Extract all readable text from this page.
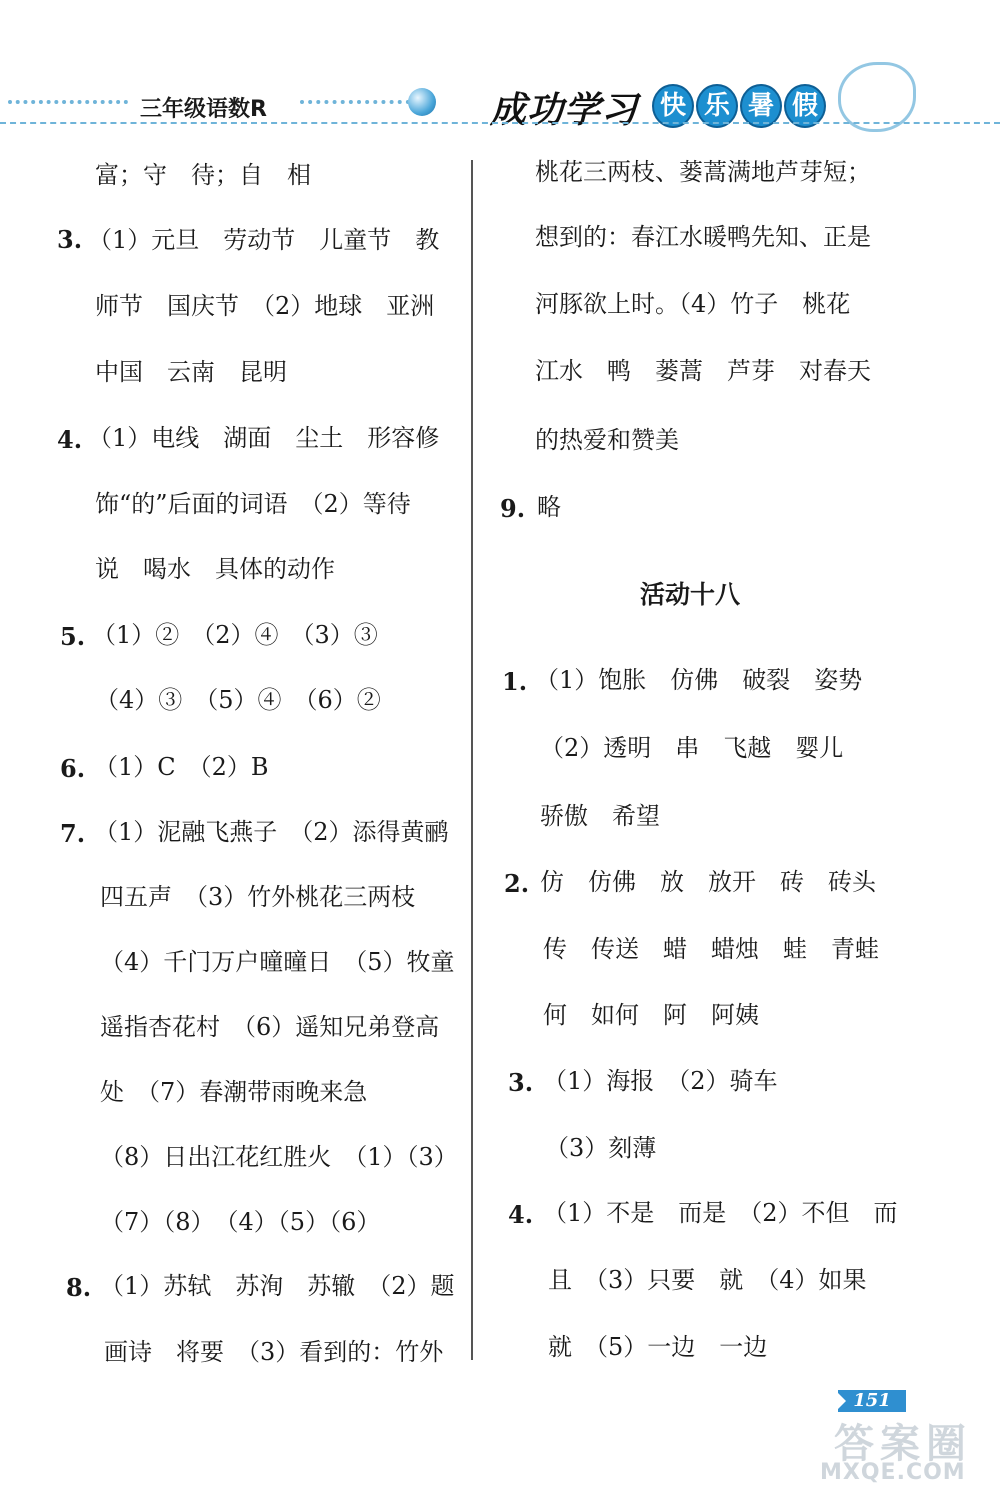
三年级语数R	成功学习 快 乐 暑 假
富；守　待；自　相
3. （1）元旦　劳动节　儿童节　教
师节　国庆节　（2）地球　亚洲
中国　云南　昆明
4. （1）电线　湖面　尘土　形容修
饰“的”后面的词语　（2）等待
说　喝水　具体的动作
5. （1）②　（2）④　（3）③
（4）③　（5）④　（6）②
6. （1）C　（2）B
7. （1）泥融飞燕子　（2）添得黄鹂
四五声　（3）竹外桃花三两枝
（4）千门万户曈曈日　（5）牧童
遥指杏花村　（6）遥知兄弟登高
处　（7）春潮带雨晚来急
（8）日出江花红胜火　（1）（3）
（7）（8）　（4）（5）（6）
8. （1）苏轼　苏洵　苏辙　（2）题
画诗　将要　（3）看到的：竹外
桃花三两枝、蒌蒿满地芦芽短；
想到的：春江水暖鸭先知、正是
河豚欲上时。（4）竹子　桃花
江水　鸭　蒌蒿　芦芽　对春天
的热爱和赞美
9. 略
活动十八
1. （1）饱胀　仿佛　破裂　姿势
（2）透明　串　飞越　婴儿
骄傲　希望
2. 仿　仿佛　放　放开　砖　砖头
传　传送　蜡　蜡烛　蛙　青蛙
何　如何　阿　阿姨
3. （1）海报　（2）骑车
（3）刻薄
4. （1）不是　而是　（2）不但　而
且　（3）只要　就　（4）如果
就　（5）一边　一边
151
答案圈
MXQE.COM
